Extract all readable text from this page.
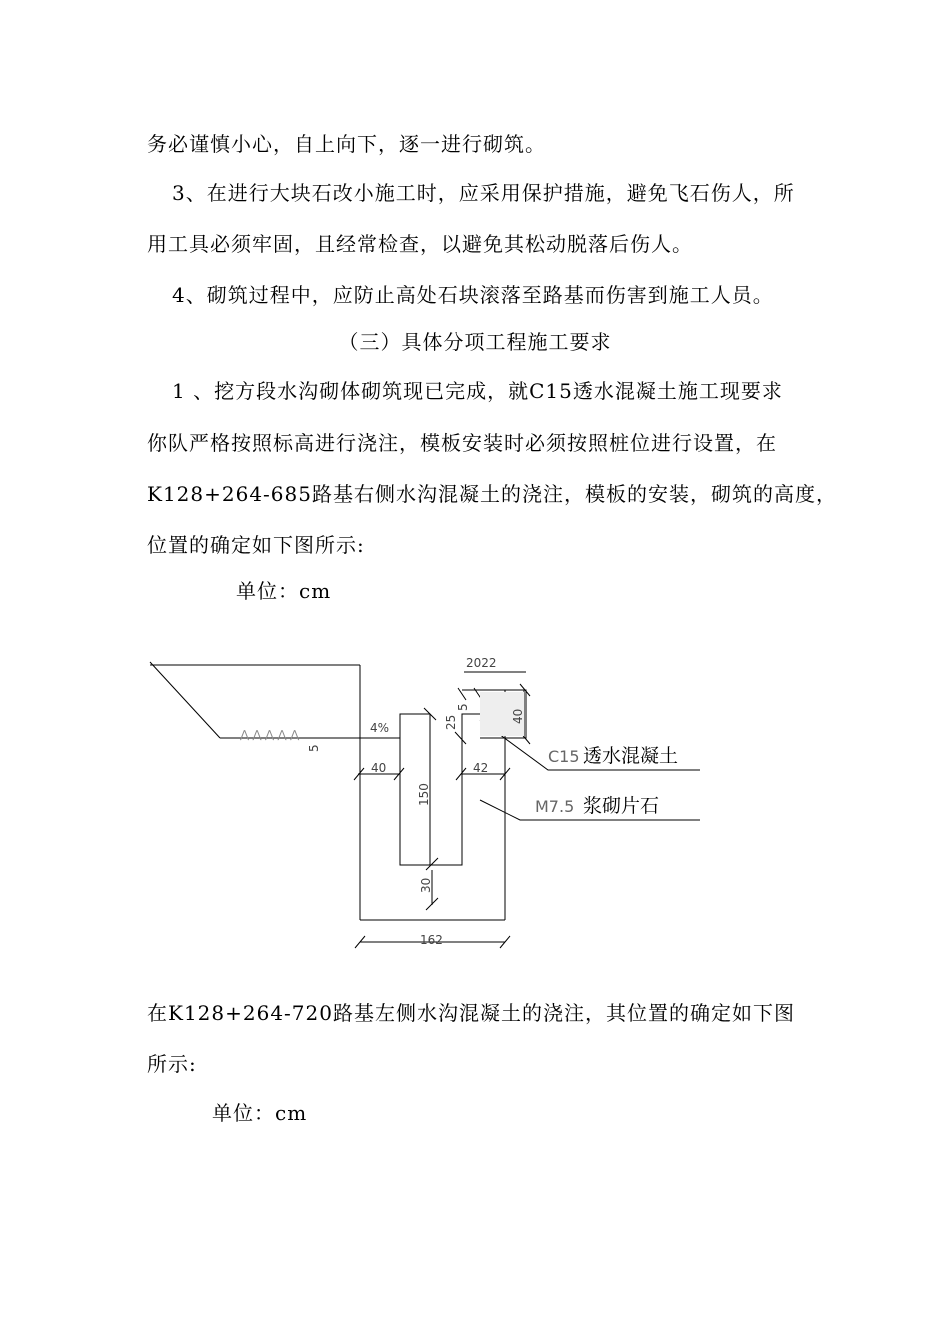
务必谨慎小心，自上向下，逐一进行砌筑。
3、在进行大块石改小施工时，应采用保护措施，避免飞石伤人，所
用工具必须牢固，且经常检查，以避免其松动脱落后伤人。
4、砌筑过程中，应防止高处石块滚落至路基而伤害到施工人员。
（三）具体分项工程施工要求
1 、挖方段水沟砌体砌筑现已完成，就C15透水混凝土施工现要求
你队严格按照标高进行浇注，模板安装时必须按照桩位进行设置，在
K128+264-685路基右侧水沟混凝土的浇注，模板的安装，砌筑的高度，
位置的确定如下图所示:
单位：cm
⋀ ⋀ ⋀ ⋀ ⋀
2022
5
40
25
4%
5
40	42
150
30
162
C15 透水混凝土
M7.5 浆砌片石
在K128+264-720路基左侧水沟混凝土的浇注，其位置的确定如下图
所示:
单位：cm
